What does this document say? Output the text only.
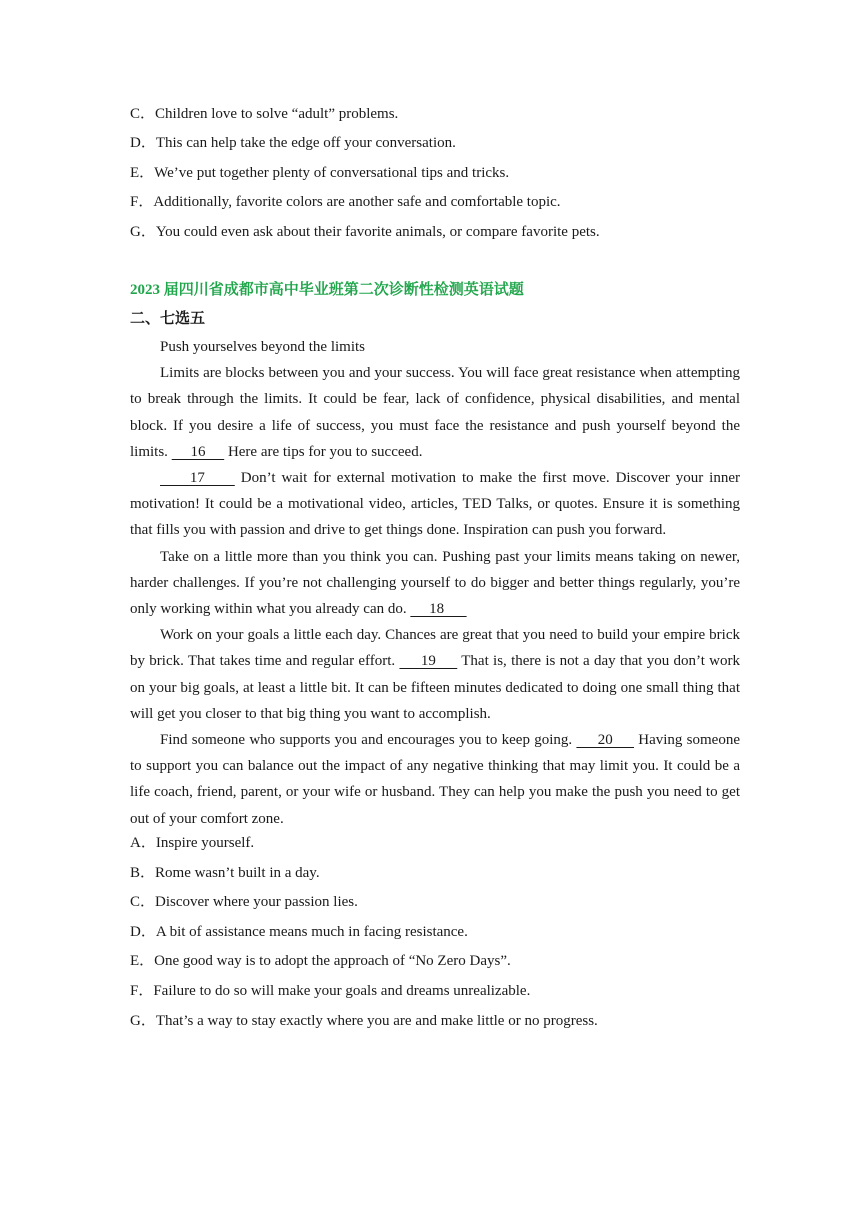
C．Children love to solve “adult” problems.
D．This can help take the edge off your conversation.
E．We’ve put together plenty of conversational tips and tricks.
F．Additionally, favorite colors are another safe and comfortable topic.
G．You could even ask about their favorite animals, or compare favorite pets.
2023 届四川省成都市高中毕业班第二次诊断性检测英语试题
二、七选五

Push yourselves beyond the limits

Limits are blocks between you and your success. You will face great resistance when attempting to break through the limits. It could be fear, lack of confidence, physical disabilities, and mental block. If you desire a life of success, you must face the resistance and push yourself beyond the limits.      16      Here are tips for you to succeed.

17      Don’t wait for external motivation to make the first move. Discover your inner motivation! It could be a motivational video, articles, TED Talks, or quotes. Ensure it is something that fills you with passion and drive to get things done. Inspiration can push you forward.

Take on a little more than you think you can. Pushing past your limits means taking on newer, harder challenges. If you’re not challenging yourself to do bigger and better things regularly, you’re only working within what you already can do.      18

Work on your goals a little each day. Chances are great that you need to build your empire brick by brick. That takes time and regular effort.      19      That is, there is not a day that you don’t work on your big goals, at least a little bit. It can be fifteen minutes dedicated to doing one small thing that will get you closer to that big thing you want to accomplish.

Find someone who supports you and encourages you to keep going.      20      Having someone to support you can balance out the impact of any negative thinking that may limit you. It could be a life coach, friend, parent, or your wife or husband. They can help you make the push you need to get out of your comfort zone.

A．Inspire yourself.
B．Rome wasn’t built in a day.
C．Discover where your passion lies.
D．A bit of assistance means much in facing resistance.
E．One good way is to adopt the approach of “No Zero Days”.
F．Failure to do so will make your goals and dreams unrealizable.
G．That’s a way to stay exactly where you are and make little or no progress.
